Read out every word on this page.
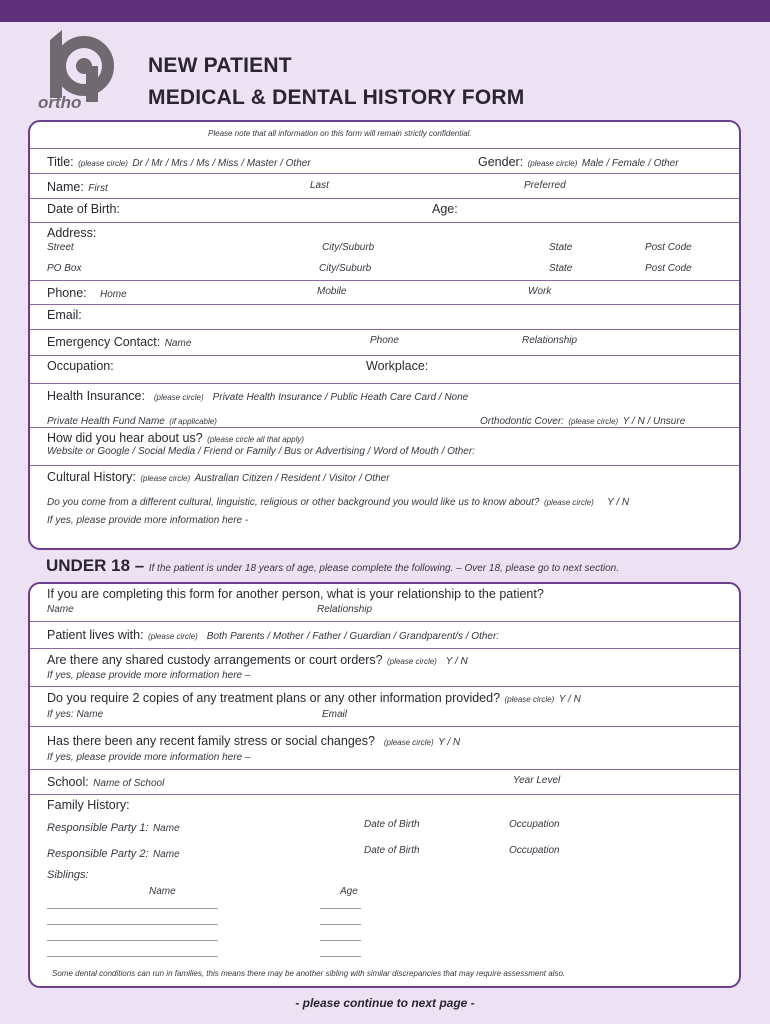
ortho
NEW PATIENT
MEDICAL & DENTAL HISTORY FORM
Please note that all information on this form will remain strictly confidential.
Title: (please circle) Dr / Mr / Mrs / Ms / Miss / Master / Other	Gender: (please circle) Male / Female / Other
Name: First	Last	Preferred
Date of Birth:	Age:
Address:
Street	City/Suburb	State	Post Code
PO Box	City/Suburb	State	Post Code
Phone: Home	Mobile	Work
Email:
Emergency Contact: Name	Phone	Relationship
Occupation:	Workplace:
Health Insurance: (please circle) Private Health Insurance / Public Heath Care Card / None
Private Health Fund Name (if applicable)	Orthodontic Cover: (please circle) Y / N / Unsure
How did you hear about us? (please circle all that apply)
Website or Google / Social Media / Friend or Family / Bus or Advertising / Word of Mouth / Other:
Cultural History: (please circle) Australian Citizen / Resident / Visitor / Other
Do you come from a different cultural, linguistic, religious or other background you would like us to know about? (please circle) Y / N
If yes, please provide more information here -
UNDER 18 – If the patient is under 18 years of age, please complete the following. – Over 18, please go to next section.
If you are completing this form for another person, what is your relationship to the patient?
Name	Relationship
Patient lives with: (please circle) Both Parents / Mother / Father / Guardian / Grandparent/s / Other:
Are there any shared custody arrangements or court orders? (please circle) Y / N
If yes, please provide more information here –
Do you require 2 copies of any treatment plans or any other information provided? (please circle) Y / N
If yes: Name	Email
Has there been any recent family stress or social changes? (please circle) Y / N
If yes, please provide more information here –
School: Name of School	Year Level
Family History:
Responsible Party 1: Name	Date of Birth	Occupation
Responsible Party 2: Name	Date of Birth	Occupation
Siblings:
Name	Age
__________________________________	________
__________________________________	________
__________________________________	________
__________________________________	________
Some dental conditions can run in families, this means there may be another sibling with similar discrepancies that may require assessment also.
- please continue to next page -
